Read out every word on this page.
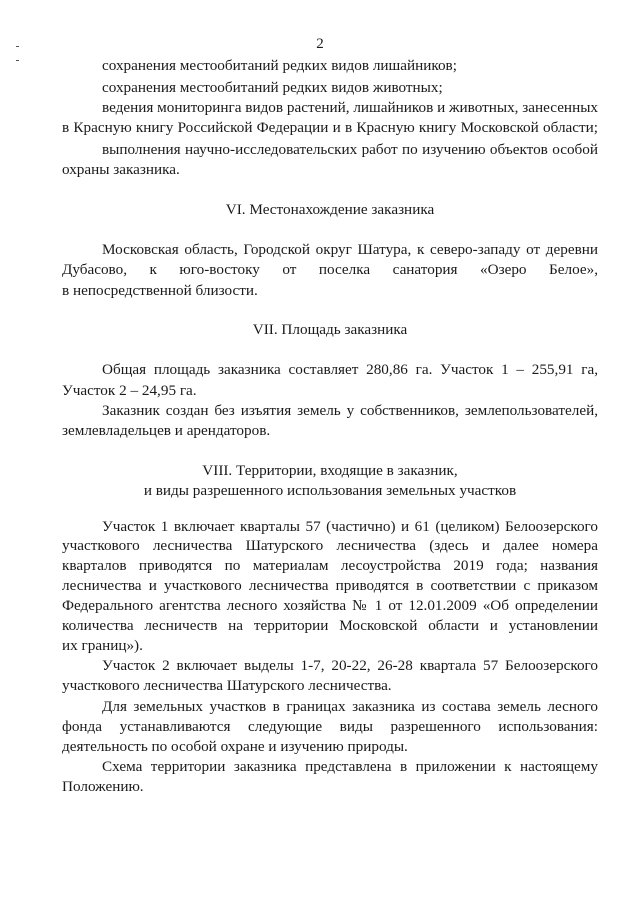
2
сохранения местообитаний редких видов лишайников;
сохранения местообитаний редких видов животных;
ведения мониторинга видов растений, лишайников и животных, занесенных
в Красную книгу Российской Федерации и в Красную книгу Московской области;
выполнения научно-исследовательских работ по изучению объектов особой
охраны заказника.
VI. Местонахождение заказника
Московская область, Городской округ Шатура, к северо-западу от деревни
Дубасово, к юго-востоку от поселка санатория «Озеро Белое»,
в непосредственной близости.
VII. Площадь заказника
Общая площадь заказника составляет 280,86 га. Участок 1 – 255,91 га,
Участок 2 – 24,95 га.
Заказник создан без изъятия земель у собственников, землепользователей,
землевладельцев и арендаторов.
VIII. Территории, входящие в заказник,
и виды разрешенного использования земельных участков
Участок 1 включает кварталы 57 (частично) и 61 (целиком) Белоозерского
участкового лесничества Шатурского лесничества (здесь и далее номера
кварталов приводятся по материалам лесоустройства 2019 года; названия
лесничества и участкового лесничества приводятся в соответствии с приказом
Федерального агентства лесного хозяйства № 1 от 12.01.2009 «Об определении
количества лесничеств на территории Московской области и установлении
их границ»).
Участок 2 включает выделы 1-7, 20-22, 26-28 квартала 57 Белоозерского
участкового лесничества Шатурского лесничества.
Для земельных участков в границах заказника из состава земель лесного
фонда устанавливаются следующие виды разрешенного использования:
деятельность по особой охране и изучению природы.
Схема территории заказника представлена в приложении к настоящему
Положению.
